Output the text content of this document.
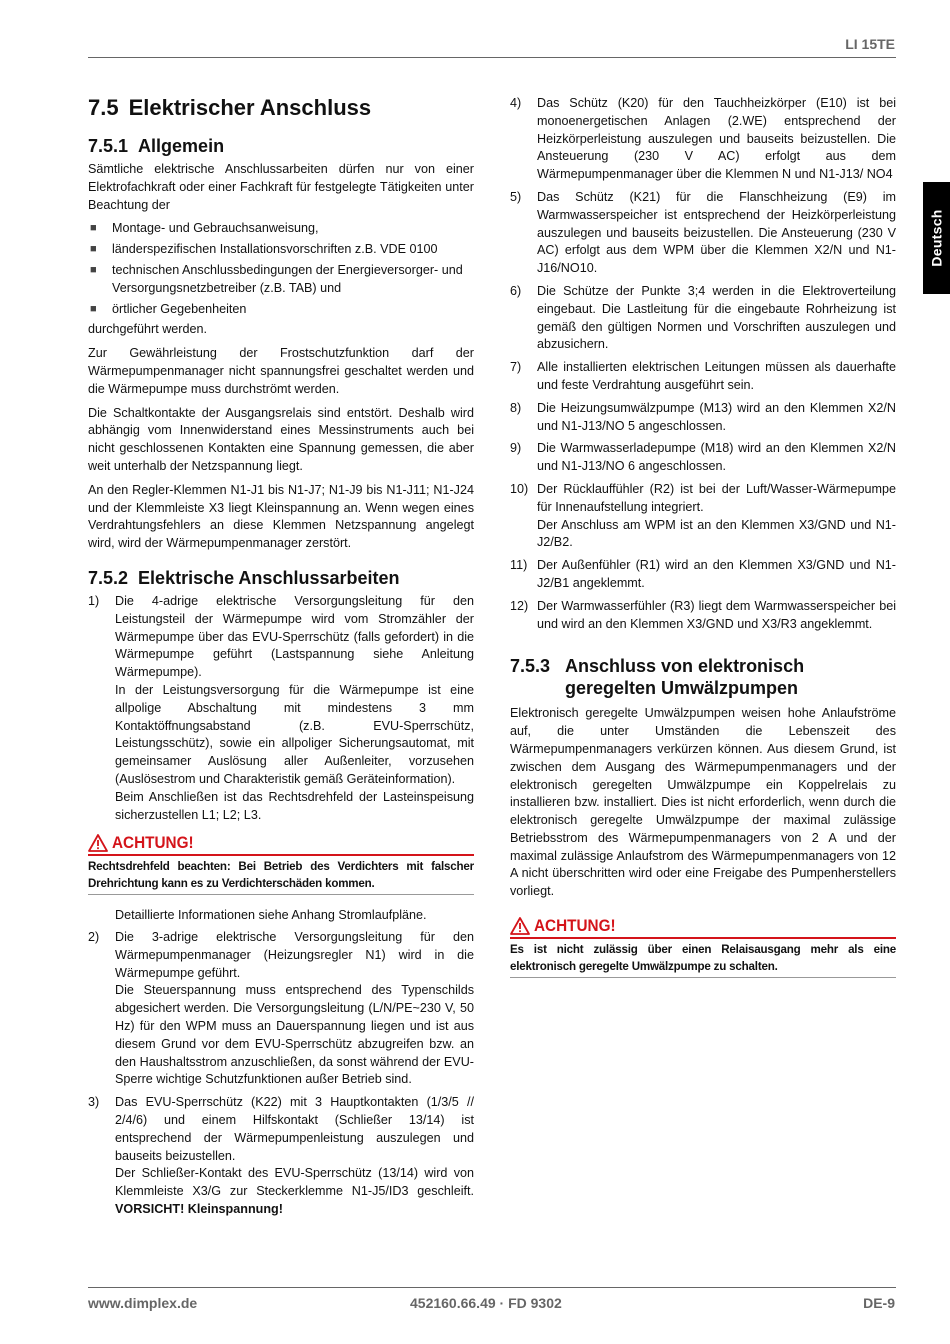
LI 15TE
Deutsch
7.5 Elektrischer Anschluss
7.5.1 Allgemein

Sämtliche elektrische Anschlussarbeiten dürfen nur von einer Elektrofachkraft oder einer Fachkraft für festgelegte Tätigkeiten unter Beachtung der

■	Montage- und Gebrauchsanweisung,
■	länderspezifischen Installationsvorschriften z.B. VDE 0100
■	technischen Anschlussbedingungen der Energieversorger- und Versorgungsnetzbetreiber (z.B. TAB) und
■	örtlicher Gegebenheiten

durchgeführt werden.

Zur Gewährleistung der Frostschutzfunktion darf der Wärmepumpenmanager nicht spannungsfrei geschaltet werden und die Wärmepumpe muss durchströmt werden.

Die Schaltkontakte der Ausgangsrelais sind entstört. Deshalb wird abhängig vom Innenwiderstand eines Messinstruments auch bei nicht geschlossenen Kontakten eine Spannung gemessen, die aber weit unterhalb der Netzspannung liegt.

An den Regler-Klemmen N1-J1 bis N1-J7; N1-J9 bis N1-J11; N1-J24 und der Klemmleiste X3 liegt Kleinspannung an. Wenn wegen eines Verdrahtungsfehlers an diese Klemmen Netzspannung angelegt wird, wird der Wärmepumpenmanager zerstört.

7.5.2 Elektrische Anschlussarbeiten
1)	Die 4-adrige elektrische Versorgungsleitung für den Leistungsteil der Wärmepumpe wird vom Stromzähler der Wärmepumpe über das EVU-Sperrschütz (falls gefordert) in die Wärmepumpe geführt (Lastspannung siehe Anleitung Wärmepumpe).
In der Leistungsversorgung für die Wärmepumpe ist eine allpolige Abschaltung mit mindestens 3 mm Kontaktöffnungsabstand (z.B. EVU-Sperrschütz, Leistungsschütz), sowie ein allpoliger Sicherungsautomat, mit gemeinsamer Auslösung aller Außenleiter, vorzusehen (Auslösestrom und Charakteristik gemäß Geräteinformation).
Beim Anschließen ist das Rechtsdrehfeld der Lasteinspeisung sicherzustellen L1; L2; L3.
ACHTUNG!
Rechtsdrehfeld beachten: Bei Betrieb des Verdichters mit falscher Drehrichtung kann es zu Verdichterschäden kommen.

Detaillierte Informationen siehe Anhang Stromlaufpläne.

2)	Die 3-adrige elektrische Versorgungsleitung für den Wärmepumpenmanager (Heizungsregler N1) wird in die Wärmepumpe geführt.
Die Steuerspannung muss entsprechend des Typenschilds abgesichert werden. Die Versorgungsleitung (L/N/PE~230 V, 50 Hz) für den WPM muss an Dauerspannung liegen und ist aus diesem Grund vor dem EVU-Sperrschütz abzugreifen bzw. an den Haushaltsstrom anzuschließen, da sonst während der EVU-Sperre wichtige Schutzfunktionen außer Betrieb sind.
3)	Das EVU-Sperrschütz (K22) mit 3 Hauptkontakten (1/3/5 // 2/4/6) und einem Hilfskontakt (Schließer 13/14) ist entsprechend der Wärmepumpenleistung auszulegen und bauseits beizustellen.
Der Schließer-Kontakt des EVU-Sperrschütz (13/14) wird von Klemmleiste X3/G zur Steckerklemme N1-J5/ID3 geschleift. VORSICHT! Kleinspannung!
4)	Das Schütz (K20) für den Tauchheizkörper (E10) ist bei monoenergetischen Anlagen (2.WE) entsprechend der Heizkörperleistung auszulegen und bauseits beizustellen. Die Ansteuerung (230 V AC) erfolgt aus dem Wärmepumpenmanager über die Klemmen N und N1-J13/ NO4
5)	Das Schütz (K21) für die Flanschheizung (E9) im Warmwasserspeicher ist entsprechend der Heizkörperleistung auszulegen und bauseits beizustellen. Die Ansteuerung (230 V AC) erfolgt aus dem WPM über die Klemmen X2/N und N1-J16/NO10.
6)	Die Schütze der Punkte 3;4 werden in die Elektroverteilung eingebaut. Die Lastleitung für die eingebaute Rohrheizung ist gemäß den gültigen Normen und Vorschriften auszulegen und abzusichern.
7)	Alle installierten elektrischen Leitungen müssen als dauerhafte und feste Verdrahtung ausgeführt sein.
8)	Die Heizungsumwälzpumpe (M13) wird an den Klemmen X2/N und N1-J13/NO 5 angeschlossen.
9)	Die Warmwasserladepumpe (M18) wird an den Klemmen X2/N und N1-J13/NO 6 angeschlossen.
10) Der Rücklauffühler (R2) ist bei der Luft/Wasser-Wärmepumpe für Innenaufstellung integriert.
Der Anschluss am WPM ist an den Klemmen X3/GND und N1-J2/B2.
11) Der Außenfühler (R1) wird an den Klemmen X3/GND und N1-J2/B1 angeklemmt.
12) Der Warmwasserfühler (R3) liegt dem Warmwasserspeicher bei und wird an den Klemmen X3/GND und X3/R3 angeklemmt.
7.5.3 Anschluss von elektronisch
geregelten Umwälzpumpen

Elektronisch geregelte Umwälzpumpen weisen hohe Anlaufströme auf, die unter Umständen die Lebenszeit des Wärmepumpenmanagers verkürzen können. Aus diesem Grund, ist zwischen dem Ausgang des Wärmepumpenmanagers und der elektronisch geregelten Umwälzpumpe ein Koppelrelais zu installieren bzw. installiert. Dies ist nicht erforderlich, wenn durch die elektronisch geregelte Umwälzpumpe der maximal zulässige Betriebsstrom des Wärmepumpenmanagers von 2 A und der maximal zulässige Anlaufstrom des Wärmepumpenmanagers von 12 A nicht überschritten wird oder eine Freigabe des Pumpenherstellers vorliegt.

ACHTUNG!
Es ist nicht zulässig über einen Relaisausgang mehr als eine elektronisch geregelte Umwälzpumpe zu schalten.
www.dimplex.de	452160.66.49 · FD 9302	DE-9
